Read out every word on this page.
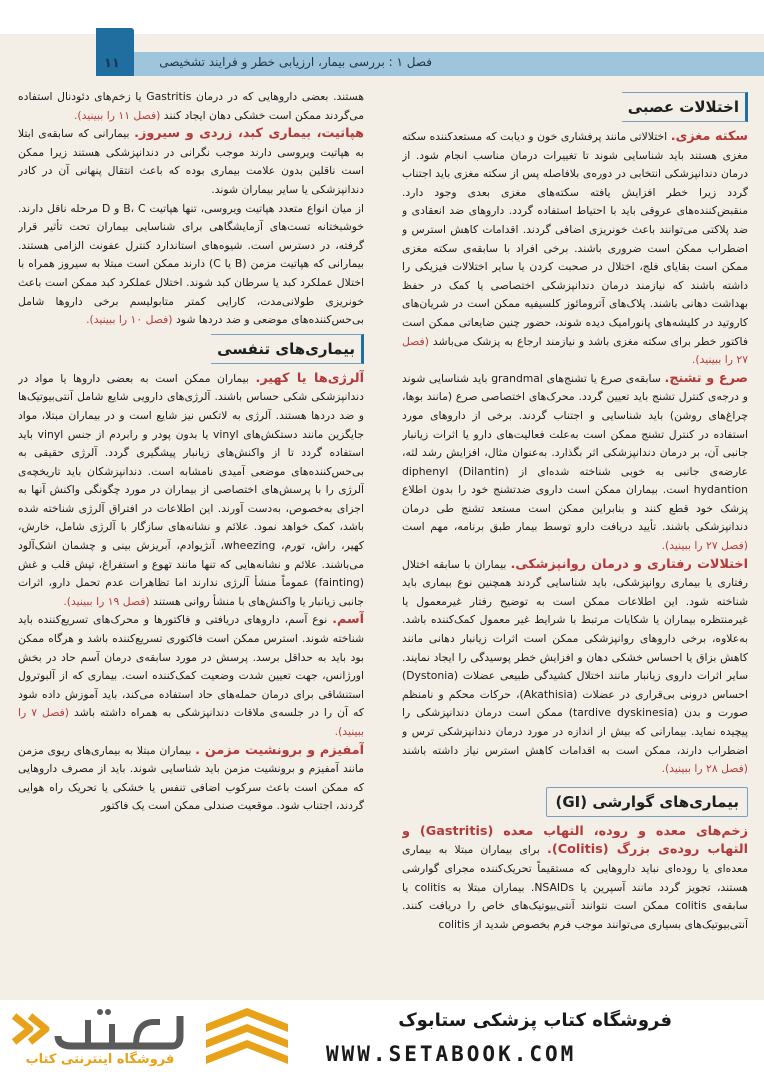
۱۱	فصل ۱ : بررسی بیمار، ارزیابی خطر و فرایند تشخیصی
اختلالات عصبی

سکته مغزی. اختلالاتی مانند پرفشاری خون و دیابت که مستعدکننده سکته مغزی هستند باید شناسایی شوند تا تغییرات درمان مناسب انجام شود. از درمان دندانپزشکی انتخابی در دوره‌ی بلافاصله پس از سکته مغزی باید اجتناب گردد زیرا خطر افزایش یافته سکته‌های مغزی بعدی وجود دارد. منقبض‌کننده‌های عروقی باید با احتیاط استفاده گردد. داروهای ضد انعقادی و ضد پلاکتی می‌توانند باعث خونریزی اضافی گردند. اقدامات کاهش استرس و اضطراب ممکن است ضروری باشند. برخی افراد با سابقه‌ی سکته مغزی ممکن است بقایای فلج، اختلال در صحبت کردن یا سایر اختلالات فیزیکی را داشته باشند که نیازمند درمان دندانپزشکی اختصاصی یا کمک در حفظ بهداشت دهانی باشند. پلاک‌های آترومائوز کلسیفیه ممکن است در شریان‌های کاروتید در کلیشه‌های پانورامیک دیده شوند، حضور چنین ضایعاتی ممکن است فاکتور خطر برای سکته مغزی باشد و نیازمند ارجاع به پزشک می‌باشد (فصل ۲۷ را ببینید).

صرع و تشنج. سابقه‌ی صرع یا تشنج‌های grandmal باید شناسایی شوند و درجه‌ی کنترل تشنج باید تعیین گردد. محرک‌های اختصاصی صرع (مانند بوها، چراغ‌های روشن) باید شناسایی و اجتناب گردند. برخی از داروهای مورد استفاده در کنترل تشنج ممکن است به‌علت فعالیت‌های دارو یا اثرات زیانبار جانبی آن، بر درمان دندانپزشکی اثر بگذارد. به‌عنوان مثال، افزایش رشد لثه، عارضه‌ی جانبی به خوبی شناخته شده‌ای از (Dilantin) diphenyl hydantion است. بیماران ممکن است داروی ضدتشنج خود را بدون اطلاع پزشک خود قطع کنند و بنابراین ممکن است مستعد تشنج طی درمان دندانپزشکی باشند. تأیید دریافت دارو توسط بیمار طبق برنامه، مهم است (فصل ۲۷ را ببینید).

اختلالات رفتاری و درمان روانپزشکی. بیماران با سابقه اختلال رفتاری یا بیماری روانپزشکی، باید شناسایی گردند همچنین نوع بیماری باید شناخته شود. این اطلاعات ممکن است به توضیح رفتار غیرمعمول یا غیرمنتظره بیماران یا شکایات مرتبط با شرایط غیر معمول کمک‌کننده باشد. به‌علاوه، برخی داروهای روانپزشکی ممکن است اثرات زیانبار دهانی مانند کاهش بزاق یا احساس خشکی دهان و افزایش خطر پوسیدگی را ایجاد نمایند. سایر اثرات داروی زیانبار مانند اختلال کشیدگی طبیعی عضلات (Dystonia) احساس درونی بی‌قراری در عضلات (Akathisia)، حرکات محکم و نامنظم صورت و بدن (tardive dyskinesia) ممکن است درمان دندانپزشکی را پیچیده نماید. بیمارانی که بیش از اندازه در مورد درمان دندانپزشکی ترس و اضطراب دارند، ممکن است به اقدامات کاهش استرس نیاز داشته باشند (فصل ۲۸ را ببینید).

بیماری‌های گوارشی (GI)

زخم‌های معده و روده، التهاب معده (Gastritis) و التهاب روده‌ی بزرگ (Colitis). برای بیماران مبتلا به بیماری معده‌ای یا روده‌ای نباید داروهایی که مستقیماً تحریک‌کننده مجرای گوارشی هستند، تجویز گردد مانند آسپرین یا NSAIDs. بیماران مبتلا به colitis یا سابقه‌ی colitis ممکن است نتوانند آنتی‌بیوتیک‌های خاص را دریافت کنند. آنتی‌بیوتیک‌های بسیاری می‌توانند موجب فرم بخصوص شدید از colitis

هستند. بعضی داروهایی که در درمان Gastritis یا زخم‌های دئودنال استفاده می‌گردند ممکن است خشکی دهان ایجاد کنند (فصل ۱۱ را ببینید).

هپاتیت، بیماری کبد، زردی و سیروز. بیمارانی که سابقه‌ی ابتلا به هپاتیت ویروسی دارند موجب نگرانی در دندانپزشکی هستند زیرا ممکن است ناقلین بدون علامت بیماری بوده که باعث انتقال پنهانی آن در کادر دندانپزشکی یا سایر بیماران شوند.

از میان انواع متعدد هپاتیت ویروسی، تنها هپاتیت B، C و D مرحله ناقل دارند. خوشبختانه تست‌های آزمایشگاهی برای شناسایی بیماران تحت تأثیر قرار گرفته، در دسترس است. شیوه‌های استاندارد کنترل عفونت الزامی هستند. بیمارانی که هپاتیت مزمن (B یا C) دارند ممکن است مبتلا به سیروز همراه با اختلال عملکرد کبد یا سرطان کبد شوند. اختلال عملکرد کبد ممکن است باعث خونریزی طولانی‌مدت، کارایی کمتر متابولیسم برخی داروها شامل بی‌حس‌کننده‌های موضعی و ضد دردها شود (فصل ۱۰ را ببینید).

بیماری‌های تنفسی

آلرژی‌ها یا کهیر. بیماران ممکن است به بعضی داروها یا مواد در دندانپزشکی شکی حساس باشند. آلرژی‌های دارویی شایع شامل آنتی‌بیوتیک‌ها و ضد دردها هستند. آلرژی به لاتکس نیز شایع است و در بیماران مبتلا، مواد جایگزین مانند دستکش‌های vinyl یا بدون پودر و رابردم از جنس vinyl باید استفاده گردد تا از واکنش‌های زیانبار پیشگیری گردد. آلرژی حقیقی به بی‌حس‌کننده‌های موضعی آمیدی نامشابه است. دندانپزشکان باید تاریخچه‌ی آلرژی را با پرسش‌های اختصاصی از بیماران در مورد چگونگی واکنش آنها به اجزای به‌خصوص، به‌دست آورند. این اطلاعات در افتراق آلرژی شناخته شده باشد، کمک خواهد نمود. علائم و نشانه‌های سازگار با آلرژی شامل، خارش، کهیر، راش، تورم، wheezing، آنژیوادم، آبریزش بینی و چشمان اشک‌آلود می‌باشند. علائم و نشانه‌هایی که تنها مانند تهوع و استفراغ، تپش قلب و غش (fainting) عموماً منشأ آلرژی ندارند اما تظاهرات عدم تحمل دارو، اثرات جانبی زیانبار یا واکنش‌های با منشأ روانی هستند (فصل ۱۹ را ببینید).

آسم. نوع آسم، داروهای دریافتی و فاکتورها و محرک‌های تسریع‌کننده باید شناخته شوند. استرس ممکن است فاکتوری تسریع‌کننده باشد و هرگاه ممکن بود باید به حداقل برسد. پرسش در مورد سابقه‌ی درمان آسم حاد در بخش اورژانس، جهت تعیین شدت وضعیت کمک‌کننده است. بیماری که از آلبوترول استنشاقی برای درمان حمله‌های حاد استفاده می‌کند، باید آموزش داده شود که آن را در جلسه‌ی ملاقات دندانپزشکی به همراه داشته باشد (فصل ۷ را ببینید).

آمفیزم و برونشیت مزمن . بیماران مبتلا به بیماری‌های ریوی مزمن مانند آمفیزم و برونشیت مزمن باید شناسایی شوند. باید از مصرف داروهایی که ممکن است باعث سرکوب اضافی تنفس یا خشکی یا تحریک راه هوایی گردند، اجتناب شود. موقعیت صندلی ممکن است یک فاکتور

فروشگاه کتاب پزشکی ستابوک
WWW.SETABOOK.COM
فروشگاه اینترنتی کتاب
